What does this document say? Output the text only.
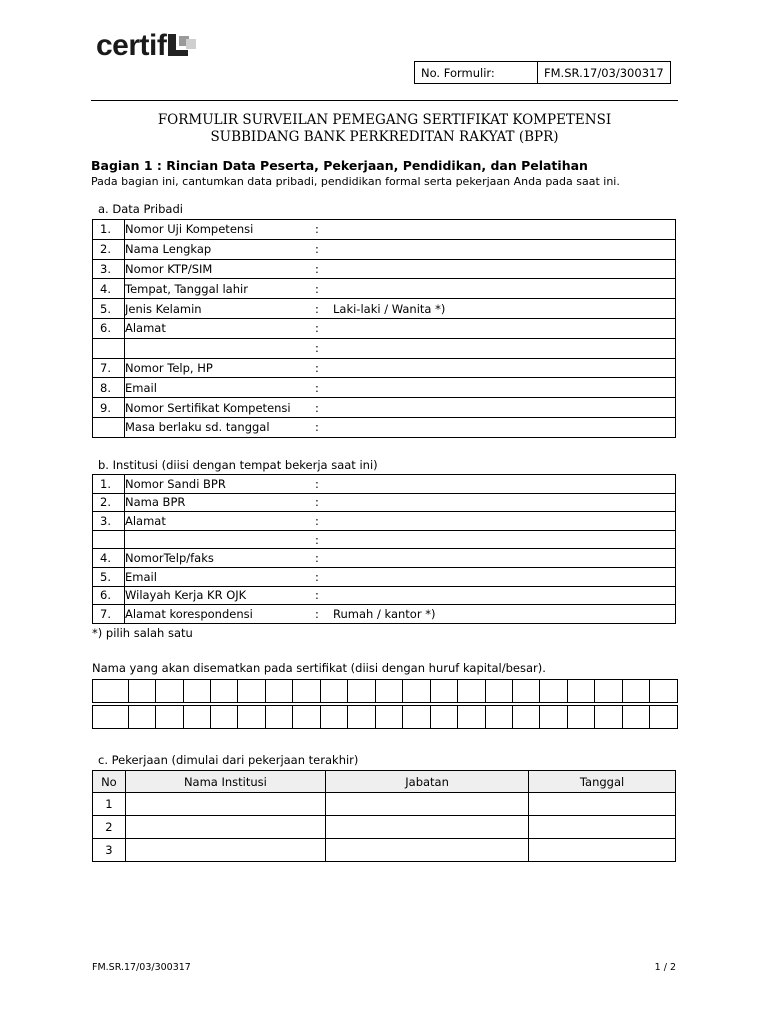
certif
No. Formulir:	FM.SR.17/03/300317
FORMULIR SURVEILAN PEMEGANG SERTIFIKAT KOMPETENSI
SUBBIDANG BANK PERKREDITAN RAKYAT (BPR)
Bagian 1 : Rincian Data Peserta, Pekerjaan, Pendidikan, dan Pelatihan
Pada bagian ini, cantumkan data pribadi, pendidikan formal serta pekerjaan Anda pada saat ini.
a. Data Pribadi
1.	Nomor Uji Kompetensi	:	
2.	Nama Lengkap	:	
3.	Nomor KTP/SIM	:	
4.	Tempat, Tanggal lahir	:	
5.	Jenis Kelamin	:	Laki-laki / Wanita *)
6.	Alamat	:	
		:	
7.	Nomor Telp, HP	:	
8.	Email	:	
9.	Nomor Sertifikat Kompetensi	:	
	Masa berlaku sd. tanggal	:	
b. Institusi (diisi dengan tempat bekerja saat ini)
1.	Nomor Sandi BPR	:	
2.	Nama BPR	:	
3.	Alamat	:	
		:	
4.	NomorTelp/faks	:	
5.	Email	:	
6.	Wilayah Kerja KR OJK	:	
7.	Alamat korespondensi	:	Rumah / kantor *)
*) pilih salah satu
Nama yang akan disematkan pada sertifikat (diisi dengan huruf kapital/besar).

c. Pekerjaan (dimulai dari pekerjaan terakhir)
No	Nama Institusi	Jabatan	Tanggal
1			
2			
3			
FM.SR.17/03/300317	1 / 2
